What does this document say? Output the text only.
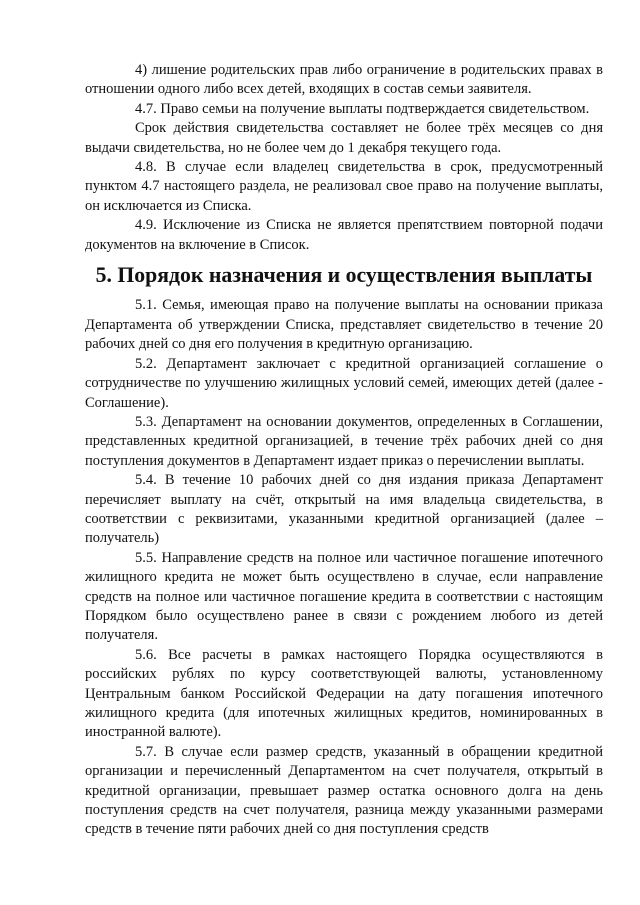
4) лишение родительских прав либо ограничение в родительских правах в отношении одного либо всех детей, входящих в состав семьи заявителя.

4.7. Право семьи на получение выплаты подтверждается свидетельством.

Срок действия свидетельства составляет не более трёх месяцев со дня выдачи свидетельства, но не более чем до 1 декабря текущего года.

4.8. В случае если владелец свидетельства в срок, предусмотренный пунктом 4.7 настоящего раздела, не реализовал свое право на получение выплаты, он исключается из Списка.

4.9. Исключение из Списка не является препятствием повторной подачи документов на включение в Список.

5. Порядок назначения и осуществления выплаты

5.1. Семья, имеющая право на получение выплаты на основании приказа Департамента об утверждении Списка, представляет свидетельство в течение 20 рабочих дней со дня его получения в кредитную организацию.

5.2. Департамент заключает с кредитной организацией соглашение о сотрудничестве по улучшению жилищных условий семей, имеющих детей (далее - Соглашение).

5.3. Департамент на основании документов, определенных в Соглашении, представленных кредитной организацией, в течение трёх рабочих дней со дня поступления документов в Департамент издает приказ о перечислении выплаты.

5.4. В течение 10 рабочих дней со дня издания приказа Департамент перечисляет выплату на счёт, открытый на имя владельца свидетельства, в соответствии с реквизитами, указанными кредитной организацией (далее – получатель)

5.5. Направление средств на полное или частичное погашение ипотечного жилищного кредита не может быть осуществлено в случае, если направление средств на полное или частичное погашение кредита в соответствии с настоящим Порядком было осуществлено ранее в связи с рождением любого из детей получателя.

5.6. Все расчеты в рамках настоящего Порядка осуществляются в российских рублях по курсу соответствующей валюты, установленному Центральным банком Российской Федерации на дату погашения ипотечного жилищного кредита (для ипотечных жилищных кредитов, номинированных в иностранной валюте).

5.7. В случае если размер средств, указанный в обращении кредитной организации и перечисленный Департаментом на счет получателя, открытый в кредитной организации, превышает размер остатка основного долга на день поступления средств на счет получателя, разница между указанными размерами средств в течение пяти рабочих дней со дня поступления средств
